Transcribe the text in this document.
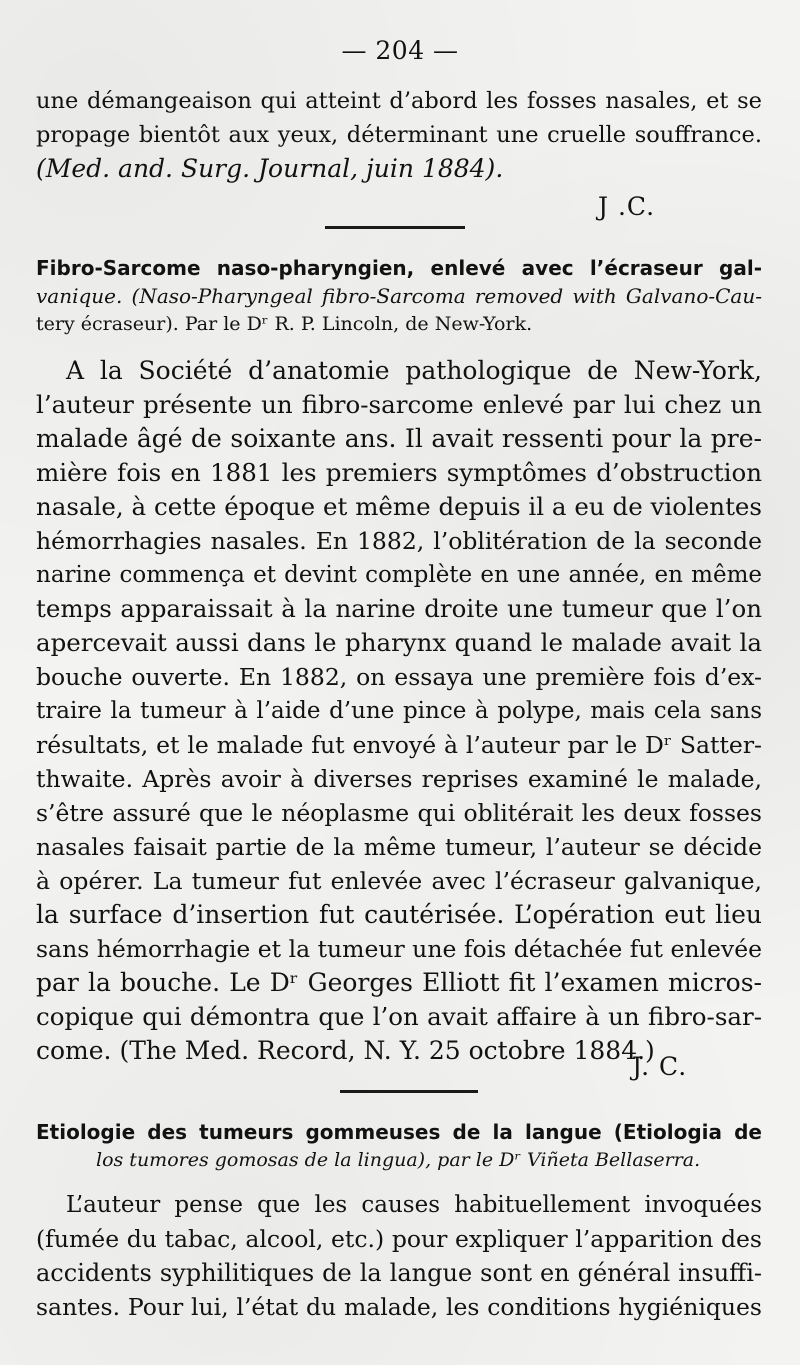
— 204 —
une démangeaison qui atteint d’abord les fosses nasales, et se
propage bientôt aux yeux, déterminant une cruelle souffrance.
(Med. and. Surg. Journal, juin 1884).
J .C.
Fibro-Sarcome naso-pharyngien, enlevé avec l’écraseur gal-
vanique. (Naso-Pharyngeal fibro-Sarcoma removed with Galvano-Cau-
tery écraseur). Par le Dʳ R. P. Lincoln, de New-York.
A la Société d’anatomie pathologique de New-York,
l’auteur présente un fibro-sarcome enlevé par lui chez un
malade âgé de soixante ans. Il avait ressenti pour la pre-
mière fois en 1881 les premiers symptômes d’obstruction
nasale, à cette époque et même depuis il a eu de violentes
hémorrhagies nasales. En 1882, l’oblitération de la seconde
narine commença et devint complète en une année, en même
temps apparaissait à la narine droite une tumeur que l’on
apercevait aussi dans le pharynx quand le malade avait la
bouche ouverte. En 1882, on essaya une première fois d’ex-
traire la tumeur à l’aide d’une pince à polype, mais cela sans
résultats, et le malade fut envoyé à l’auteur par le Dʳ Satter-
thwaite. Après avoir à diverses reprises examiné le malade,
s’être assuré que le néoplasme qui oblitérait les deux fosses
nasales faisait partie de la même tumeur, l’auteur se décide
à opérer. La tumeur fut enlevée avec l’écraseur galvanique,
la surface d’insertion fut cautérisée. L’opération eut lieu
sans hémorrhagie et la tumeur une fois détachée fut enlevée
par la bouche. Le Dʳ Georges Elliott fit l’examen micros-
copique qui démontra que l’on avait affaire à un fibro-sar-
come. (The Med. Record, N. Y. 25 octobre 1884.)
J. C.
Etiologie des tumeurs gommeuses de la langue (Etiologia de
los tumores gomosas de la lingua), par le Dʳ Viñeta Bellaserra.
L’auteur pense que les causes habituellement invoquées
(fumée du tabac, alcool, etc.) pour expliquer l’apparition des
accidents syphilitiques de la langue sont en général insuffi-
santes. Pour lui, l’état du malade, les conditions hygiéniques
